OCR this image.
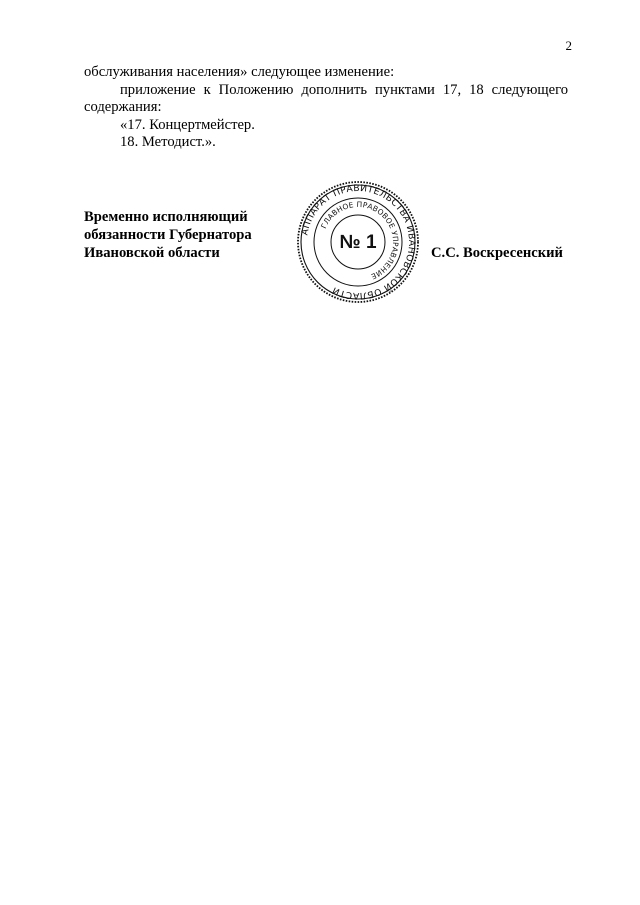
2

обслуживания населения» следующее изменение:

приложение к Положению дополнить пунктами 17, 18 следующего содержания:

«17. Концертмейстер.

18. Методист.».

Временно исполняющий
обязанности Губернатора
Ивановской области
АППАРАТ ПРАВИТЕЛЬСТВА ИВАНОВСКОЙ ОБЛАСТИ
ГЛАВНОЕ ПРАВОВОЕ УПРАВЛЕНИЕ
№ 1	С.С. Воскресенский
